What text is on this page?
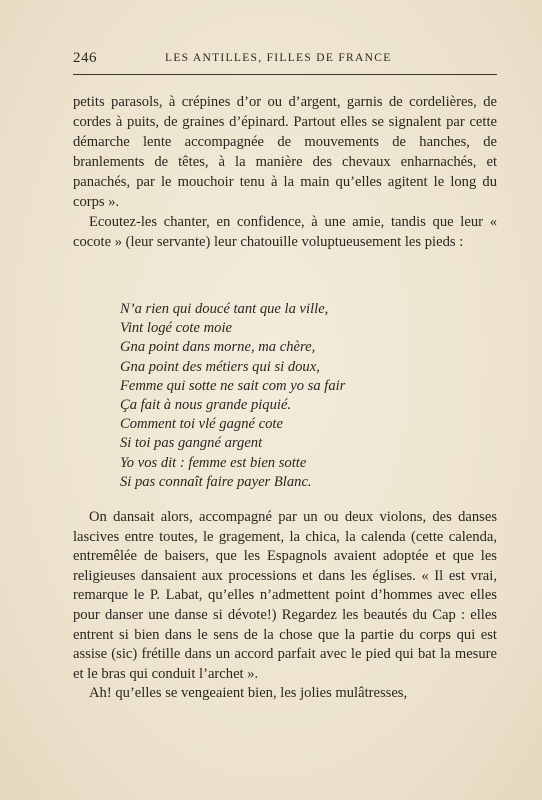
246	LES ANTILLES, FILLES DE FRANCE

petits parasols, à crépines d’or ou d’argent, garnis de cordelières, de cordes à puits, de graines d’épinard. Partout elles se signalent par cette démarche lente accompagnée de mouvements de hanches, de branlements de têtes, à la manière des chevaux enharnachés, et panachés, par le mouchoir tenu à la main qu’elles agitent le long du corps ».

Ecoutez-les chanter, en confidence, à une amie, tandis que leur « cocote » (leur servante) leur chatouille voluptueusement les pieds :

N’a rien qui doucé tant que la ville,
Vint logé cote moie
Gna point dans morne, ma chère,
Gna point des métiers qui si doux,
Femme qui sotte ne sait com yo sa fair
Ça fait à nous grande piquié.
Comment toi vlé gagné cote
Si toi pas gangné argent
Yo vos dit : femme est bien sotte
Si pas connaît faire payer Blanc.

On dansait alors, accompagné par un ou deux violons, des danses lascives entre toutes, le gragement, la chica, la calenda (cette calenda, entremêlée de baisers, que les Espagnols avaient adoptée et que les religieuses dansaient aux processions et dans les églises. « Il est vrai, remarque le P. Labat, qu’elles n’admettent point d’hommes avec elles pour danser une danse si dévote!) Regardez les beautés du Cap : elles entrent si bien dans le sens de la chose que la partie du corps qui est assise (sic) frétille dans un accord parfait avec le pied qui bat la mesure et le bras qui conduit l’archet ».

Ah! qu’elles se vengeaient bien, les jolies mulâtresses,
